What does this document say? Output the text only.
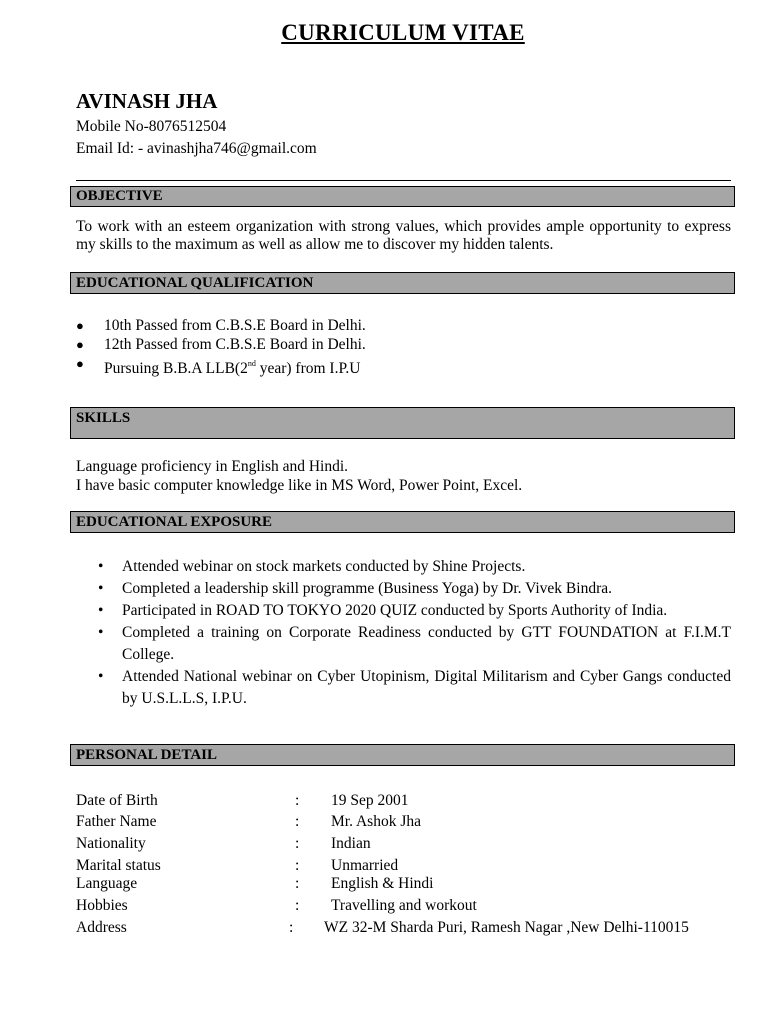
CURRICULUM VITAE
AVINASH JHA
Mobile No-8076512504
Email Id: - avinashjha746@gmail.com
OBJECTIVE
To work with an esteem organization with strong values, which provides ample opportunity to express my skills to the maximum as well as allow me to discover my hidden talents.
EDUCATIONAL QUALIFICATION
● 10th Passed from C.B.S.E Board in Delhi.
● 12th Passed from C.B.S.E Board in Delhi.
● Pursuing B.B.A LLB(2nd year) from I.P.U
SKILLS
Language proficiency in English and Hindi.
I have basic computer knowledge like in MS Word, Power Point, Excel.
EDUCATIONAL EXPOSURE
• Attended webinar on stock markets conducted by Shine Projects.
• Completed a leadership skill programme (Business Yoga) by Dr. Vivek Bindra.
• Participated in ROAD TO TOKYO 2020 QUIZ conducted by Sports Authority of India.
• Completed a training on Corporate Readiness conducted by GTT FOUNDATION at F.I.M.T College.
• Attended National webinar on Cyber Utopinism, Digital Militarism and Cyber Gangs conducted by U.S.L.L.S, I.P.U.
PERSONAL DETAIL
Date of Birth	: 19 Sep 2001
Father Name	: Mr. Ashok Jha
Nationality	: Indian
Marital status	: Unmarried
Language	: English & Hindi
Hobbies	: Travelling and workout
Address	: WZ 32-M Sharda Puri, Ramesh Nagar ,New Delhi-110015
